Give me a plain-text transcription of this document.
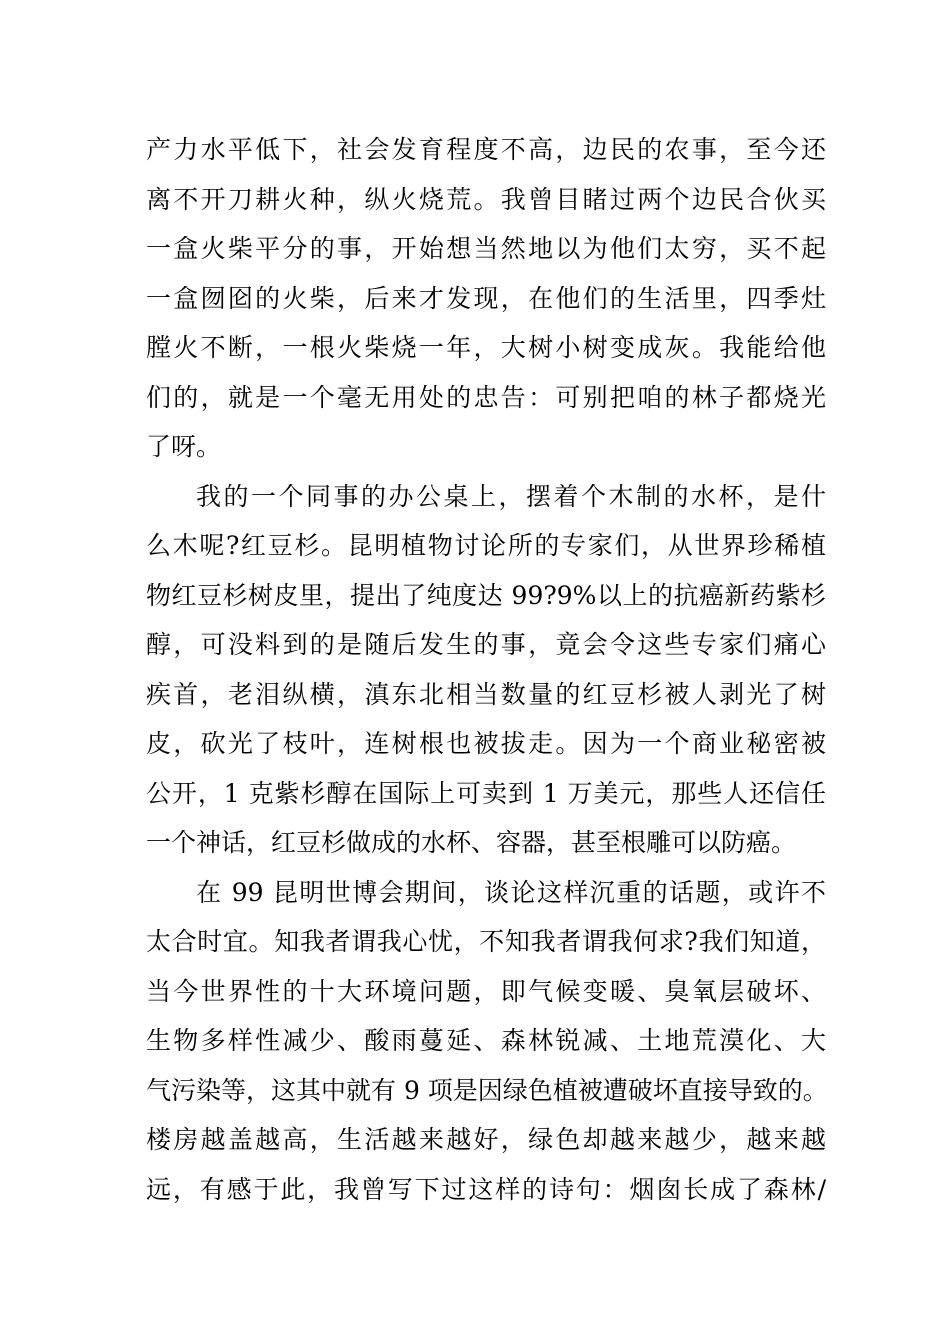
产力水平低下，社会发育程度不高，边民的农事，至今还
离不开刀耕火种，纵火烧荒。我曾目睹过两个边民合伙买
一盒火柴平分的事，开始想当然地以为他们太穷，买不起
一盒囫囵的火柴，后来才发现，在他们的生活里，四季灶
膛火不断，一根火柴烧一年，大树小树变成灰。我能给他
们的，就是一个毫无用处的忠告：可别把咱的林子都烧光
了呀。
我的一个同事的办公桌上，摆着个木制的水杯，是什
么木呢?红豆杉。昆明植物讨论所的专家们，从世界珍稀植
物红豆杉树皮里，提出了纯度达 99?9%以上的抗癌新药紫杉
醇，可没料到的是随后发生的事，竟会令这些专家们痛心
疾首，老泪纵横，滇东北相当数量的红豆杉被人剥光了树
皮，砍光了枝叶，连树根也被拔走。因为一个商业秘密被
公开，1 克紫杉醇在国际上可卖到 1 万美元，那些人还信任
一个神话，红豆杉做成的水杯、容器，甚至根雕可以防癌。
在 99 昆明世博会期间，谈论这样沉重的话题，或许不
太合时宜。知我者谓我心忧，不知我者谓我何求?我们知道，
当今世界性的十大环境问题，即气候变暖、臭氧层破坏、
生物多样性减少、酸雨蔓延、森林锐减、土地荒漠化、大
气污染等，这其中就有 9 项是因绿色植被遭破坏直接导致的。
楼房越盖越高，生活越来越好，绿色却越来越少，越来越
远，有感于此，我曾写下过这样的诗句：烟囱长成了森林/
